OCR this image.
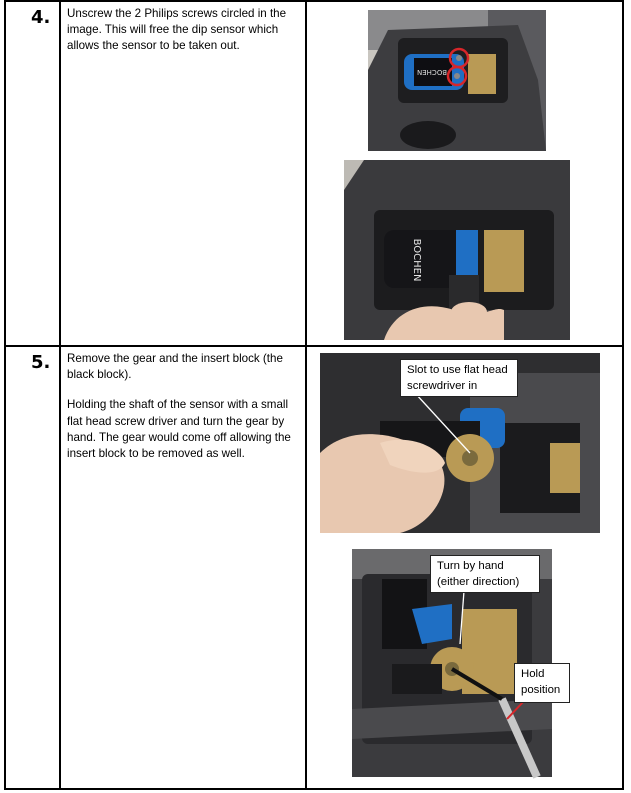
4. Unscrew the 2 Philips screws circled in the image. This will free the dip sensor which allows the sensor to be taken out.

BOCHEN
BOCHEN
5. Remove the gear and the insert block (the black block).

Holding the shaft of the sensor with a small flat head screw driver and turn the gear by hand. The gear would come off allowing the insert block to be removed as well.

Slot to use flat head screwdriver in
Turn by hand (either direction)
Hold position
